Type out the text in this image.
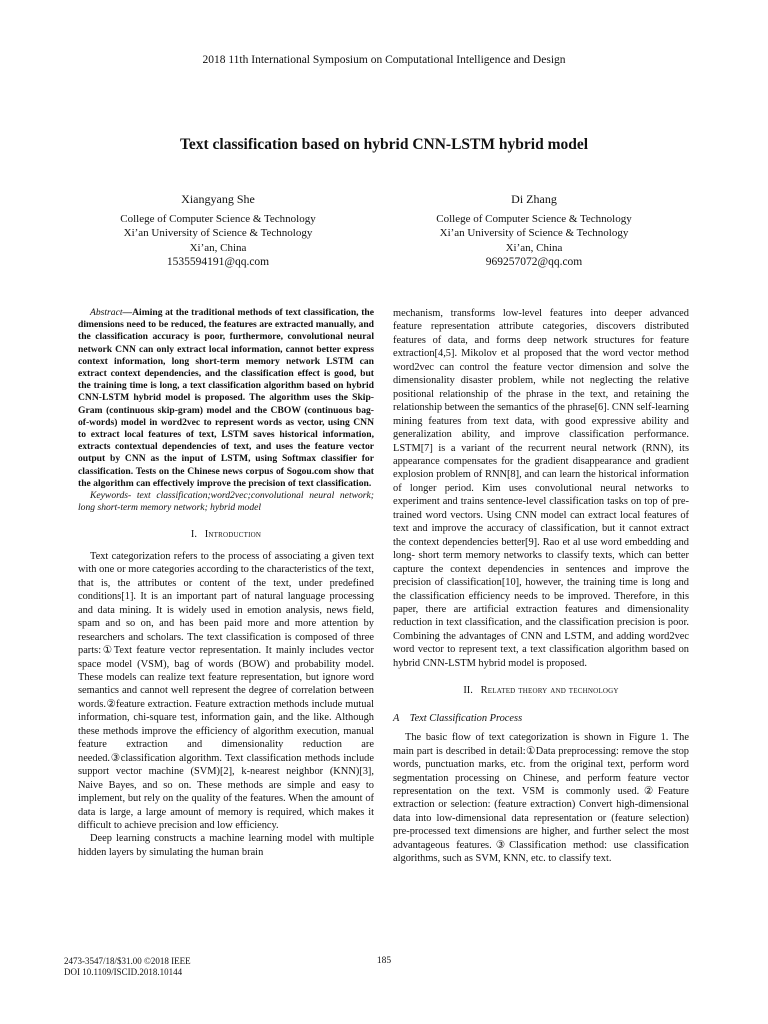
2018 11th International Symposium on Computational Intelligence and Design
Text classification based on hybrid CNN-LSTM hybrid model
Xiangyang She
College of Computer Science & Technology
Xi’an University of Science & Technology
Xi’an, China
1535594191@qq.com
Di Zhang
College of Computer Science & Technology
Xi’an University of Science & Technology
Xi’an, China
969257072@qq.com

Abstract—Aiming at the traditional methods of text classification, the dimensions need to be reduced, the features are extracted manually, and the classification accuracy is poor, furthermore, convolutional neural network CNN can only extract local information, cannot better express context information, long short-term memory network LSTM can extract context dependencies, and the classification effect is good, but the training time is long, a text classification algorithm based on hybrid CNN-LSTM hybrid model is proposed. The algorithm uses the Skip-Gram (continuous skip-gram) model and the CBOW (continuous bag-of-words) model in word2vec to represent words as vector, using CNN to extract local features of text, LSTM saves historical information, extracts contextual dependencies of text, and uses the feature vector output by CNN as the input of LSTM, using Softmax classifier for classification. Tests on the Chinese news corpus of Sogou.com show that the algorithm can effectively improve the precision of text classification.

Keywords- text classification;word2vec;convolutional neural network; long short-term memory network; hybrid model

I.   Introduction

Text categorization refers to the process of associating a given text with one or more categories according to the characteristics of the text, that is, the attributes or content of the text, under predefined conditions[1]. It is an important part of natural language processing and data mining. It is widely used in emotion analysis, news field, spam and so on, and has been paid more and more attention by researchers and scholars. The text classification is composed of three parts:①Text feature vector representation. It mainly includes vector space model (VSM), bag of words (BOW) and probability model. These models can realize text feature representation, but ignore word semantics and cannot well represent the degree of correlation between words.②feature extraction. Feature extraction methods include mutual information, chi-square test, information gain, and the like. Although these methods improve the efficiency of algorithm execution, manual feature extraction and dimensionality reduction are needed.③classification algorithm. Text classification methods include support vector machine (SVM)[2], k-nearest neighbor (KNN)[3], Naive Bayes, and so on. These methods are simple and easy to implement, but rely on the quality of the features. When the amount of data is large, a large amount of memory is required, which makes it difficult to achieve precision and low efficiency.

Deep learning constructs a machine learning model with multiple hidden layers by simulating the human brain

mechanism, transforms low-level features into deeper advanced feature representation attribute categories, discovers distributed features of data, and forms deep network structures for feature extraction[4,5]. Mikolov et al proposed that the word vector method word2vec can control the feature vector dimension and solve the dimensionality disaster problem, while not neglecting the relative positional relationship of the phrase in the text, and retaining the relationship between the semantics of the phrase[6]. CNN self-learning mining features from text data, with good expressive ability and generalization ability, and improve classification performance. LSTM[7] is a variant of the recurrent neural network (RNN), its appearance compensates for the gradient disappearance and gradient explosion problem of RNN[8], and can learn the historical information of longer period. Kim uses convolutional neural networks to experiment and trains sentence-level classification tasks on top of pre-trained word vectors. Using CNN model can extract local features of text and improve the accuracy of classification, but it cannot extract the context dependencies better[9]. Rao et al use word embedding and long- short term memory networks to classify texts, which can better capture the context dependencies in sentences and improve the precision of classification[10], however, the training time is long and the classification efficiency needs to be improved. Therefore, in this paper, there are artificial extraction features and dimensionality reduction in text classification, and the classification precision is poor. Combining the advantages of CNN and LSTM, and adding word2vec word vector to represent text, a text classification algorithm based on hybrid CNN-LSTM hybrid model is proposed.

II.   Related theory and technology
A  Text Classification Process

The basic flow of text categorization is shown in Figure 1. The main part is described in detail:①Data preprocessing: remove the stop words, punctuation marks, etc. from the original text, perform word segmentation processing on Chinese, and perform feature vector representation on the text. VSM is commonly used.②Feature extraction or selection: (feature extraction) Convert high-dimensional data into low-dimensional data representation or (feature selection) pre-processed text dimensions are higher, and further select the most advantageous features.③Classification method: use classification algorithms, such as SVM, KNN, etc. to classify text.

2473-3547/18/$31.00 ©2018 IEEE
DOI 10.1109/ISCID.2018.10144
185
